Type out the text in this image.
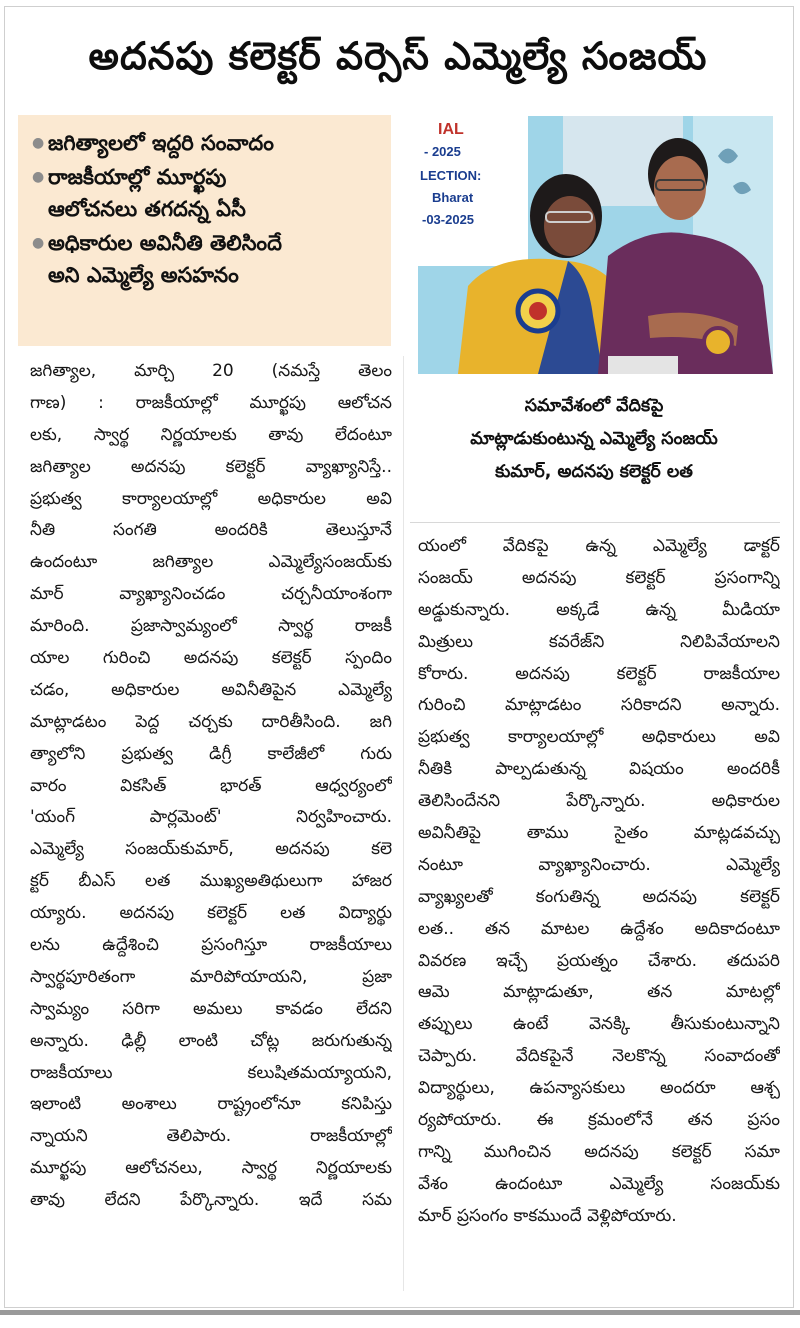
అదనపు కలెక్టర్ వర్సెస్ ఎమ్మెల్యే సంజయ్
● జగిత్యాలలో ఇద్దరి సంవాదం
● రాజకీయాల్లో మూర్ఖపు
ఆలోచనలు తగదన్న ఏసీ
● అధికారుల అవినీతి తెలిసిందే
అని ఎమ్మెల్యే అసహనం
IAL
- 2025
LECTION:
Bharat
-03-2025
సమావేశంలో వేదికపై
మాట్లాడుకుంటున్న ఎమ్మెల్యే సంజయ్
కుమార్, అదనపు కలెక్టర్ లత
జగిత్యాల, మార్చి 20 (నమస్తే తెలం
గాణ) : రాజకీయాల్లో మూర్ఖపు ఆలోచన
లకు, స్వార్థ నిర్ణయాలకు తావు లేదంటూ
జగిత్యాల అదనపు కలెక్టర్ వ్యాఖ్యానిస్తే..
ప్రభుత్వ కార్యాలయాల్లో అధికారుల అవి
నీతి సంగతి అందరికి తెలుస్తూనే
ఉందంటూ జగిత్యాల ఎమ్మెల్యేసంజయ్‌కు
మార్ వ్యాఖ్యానించడం చర్చనీయాంశంగా
మారింది. ప్రజాస్వామ్యంలో స్వార్థ రాజకీ
యాల గురించి అదనపు కలెక్టర్ స్పందిం
చడం, అధికారుల అవినీతిపైన ఎమ్మెల్యే
మాట్లాడటం పెద్ద చర్చకు దారితీసింది. జగి
త్యాలోని ప్రభుత్వ డిగ్రీ కాలేజీలో గురు
వారం వికసిత్ భారత్ ఆధ్వర్యంలో
'యంగ్ పార్లమెంట్' నిర్వహించారు.
ఎమ్మెల్యే సంజయ్‌కుమార్, అదనపు కలె
క్టర్ బీఎస్ లత ముఖ్యఅతిథులుగా హాజర
య్యారు. అదనపు కలెక్టర్ లత విద్యార్థు
లను ఉద్దేశించి ప్రసంగిస్తూ రాజకీయాలు
స్వార్థపూరితంగా మారిపోయాయని, ప్రజా
స్వామ్యం సరిగా అమలు కావడం లేదని
అన్నారు. ఢిల్లీ లాంటి చోట్ల జరుగుతున్న
రాజకీయాలు కలుషితమయ్యాయని,
ఇలాంటి అంశాలు రాష్ట్రంలోనూ కనిపిస్తు
న్నాయని తెలిపారు. రాజకీయాల్లో
మూర్ఖపు ఆలోచనలు, స్వార్థ నిర్ణయాలకు
తావు లేదని పేర్కొన్నారు. ఇదే సమ
యంలో వేదికపై ఉన్న ఎమ్మెల్యే డాక్టర్
సంజయ్ అదనపు కలెక్టర్ ప్రసంగాన్ని
అడ్డుకున్నారు. అక్కడే ఉన్న మీడియా
మిత్రులు కవరేజ్‌ని నిలిపివేయాలని
కోరారు. అదనపు కలెక్టర్ రాజకీయాల
గురించి మాట్లాడటం సరికాదని అన్నారు.
ప్రభుత్వ కార్యాలయాల్లో అధికారులు అవి
నీతికి పాల్పడుతున్న విషయం అందరికీ
తెలిసిందేనని పేర్కొన్నారు. అధికారుల
అవినీతిపై తాము సైతం మాట్లడవచ్చు
నంటూ వ్యాఖ్యానించారు. ఎమ్మెల్యే
వ్యాఖ్యలతో కంగుతిన్న అదనపు కలెక్టర్
లత.. తన మాటల ఉద్దేశం అదికాదంటూ
వివరణ ఇచ్చే ప్రయత్నం చేశారు. తదుపరి
ఆమె మాట్లాడుతూ, తన మాటల్లో
తప్పులు ఉంటే వెనక్కి తీసుకుంటున్నాని
చెప్పారు. వేదికపైనే నెలకొన్న సంవాదంతో
విద్యార్థులు, ఉపన్యాసకులు అందరూ ఆశ్చ
ర్యపోయారు. ఈ క్రమంలోనే తన ప్రసం
గాన్ని ముగించిన అదనపు కలెక్టర్ సమా
వేశం ఉందంటూ ఎమ్మెల్యే సంజయ్‌కు
మార్ ప్రసంగం కాకముందే వెళ్లిపోయారు.
